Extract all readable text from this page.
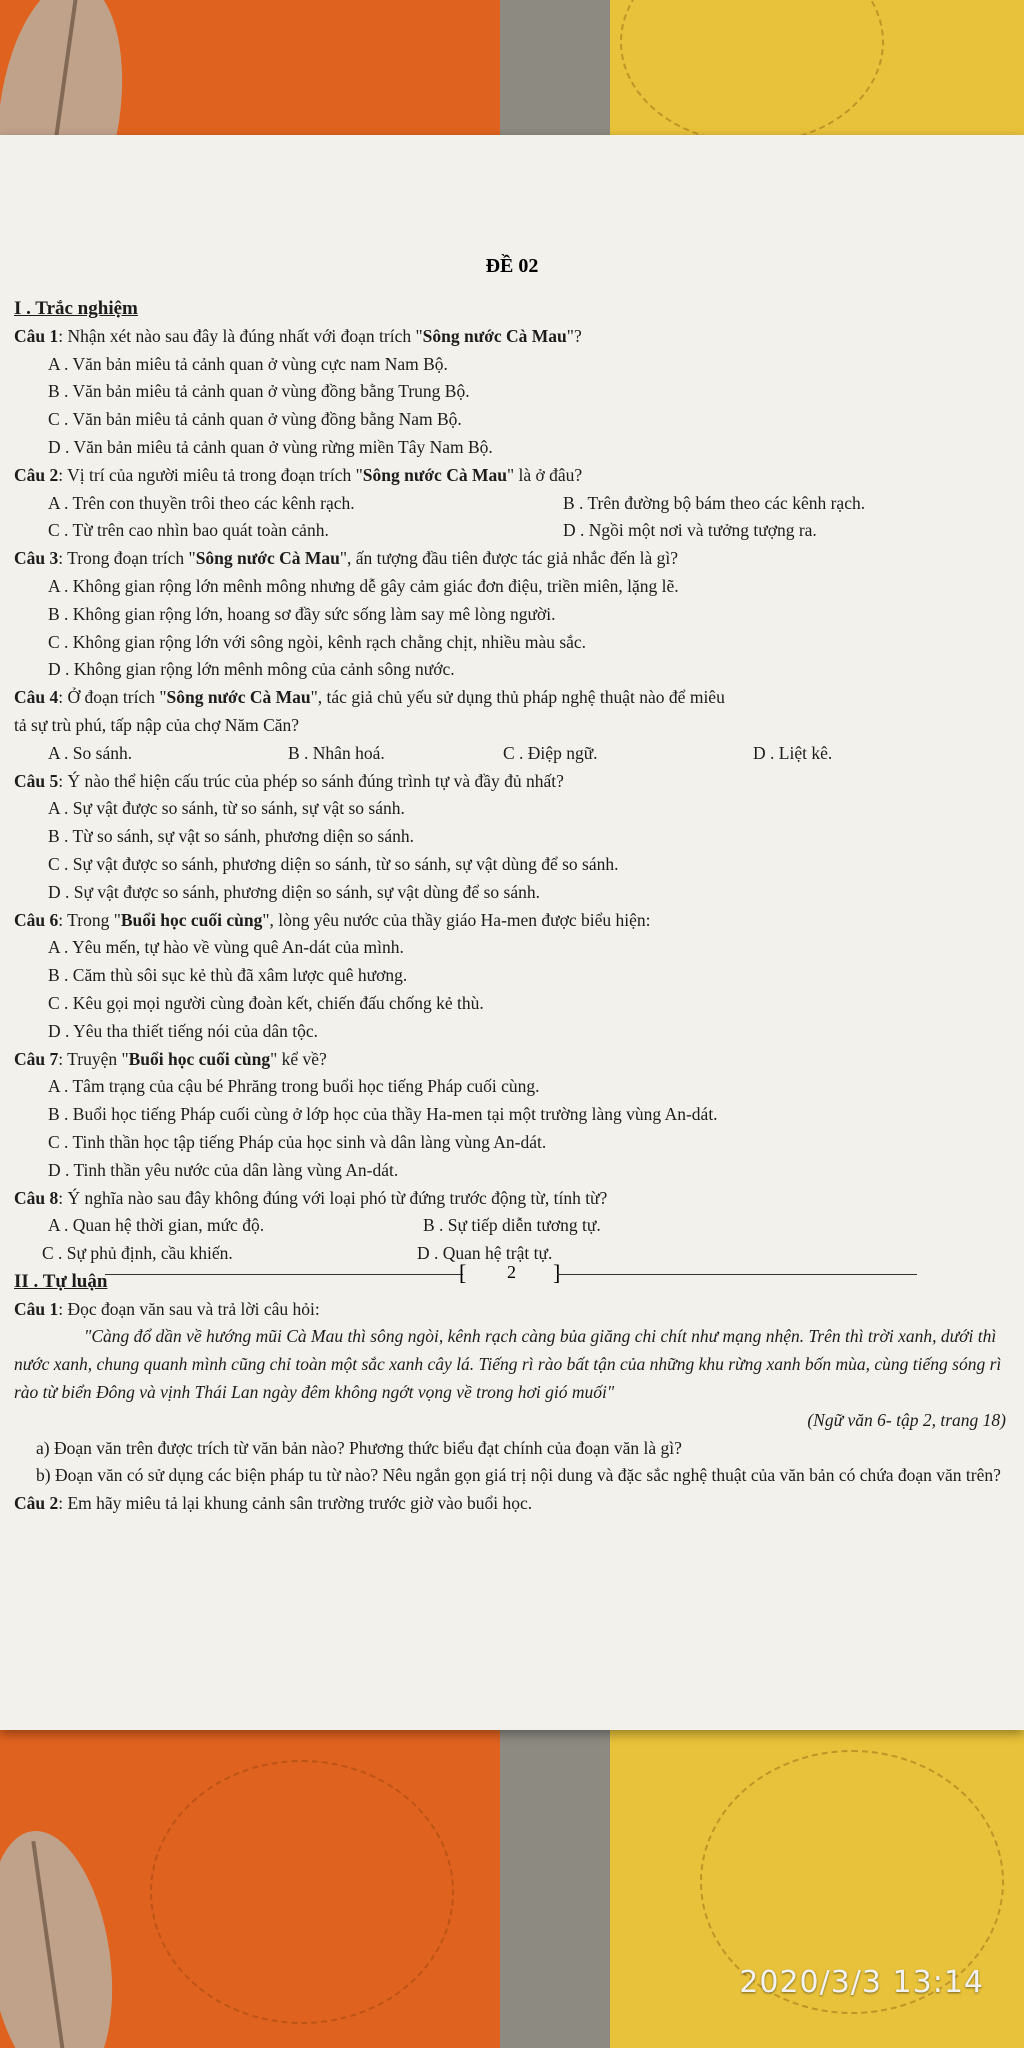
ĐỀ 02
I . Trắc nghiệm
Câu 1: Nhận xét nào sau đây là đúng nhất với đoạn trích "Sông nước Cà Mau"?
A . Văn bản miêu tả cảnh quan ở vùng cực nam Nam Bộ.
B . Văn bản miêu tả cảnh quan ở vùng đồng bằng Trung Bộ.
C . Văn bản miêu tả cảnh quan ở vùng đồng bằng Nam Bộ.
D . Văn bản miêu tả cảnh quan ở vùng rừng miền Tây Nam Bộ.
Câu 2: Vị trí của người miêu tả trong đoạn trích "Sông nước Cà Mau" là ở đâu?
A . Trên con thuyền trôi theo các kênh rạch.	B . Trên đường bộ bám theo các kênh rạch.
C . Từ trên cao nhìn bao quát toàn cảnh.	D . Ngồi một nơi và tưởng tượng ra.
Câu 3: Trong đoạn trích "Sông nước Cà Mau", ấn tượng đầu tiên được tác giả nhắc đến là gì?
A . Không gian rộng lớn mênh mông nhưng dễ gây cảm giác đơn điệu, triền miên, lặng lẽ.
B . Không gian rộng lớn, hoang sơ đầy sức sống làm say mê lòng người.
C . Không gian rộng lớn với sông ngòi, kênh rạch chằng chịt, nhiều màu sắc.
D . Không gian rộng lớn mênh mông của cảnh sông nước.
Câu 4: Ở đoạn trích "Sông nước Cà Mau", tác giả chủ yếu sử dụng thủ pháp nghệ thuật nào để miêu
tả sự trù phú, tấp nập của chợ Năm Căn?
A . So sánh.	B . Nhân hoá.	C . Điệp ngữ.	D . Liệt kê.
Câu 5: Ý nào thể hiện cấu trúc của phép so sánh đúng trình tự và đầy đủ nhất?
A . Sự vật được so sánh, từ so sánh, sự vật so sánh.
B . Từ so sánh, sự vật so sánh, phương diện so sánh.
C . Sự vật được so sánh, phương diện so sánh, từ so sánh, sự vật dùng để so sánh.
D . Sự vật được so sánh, phương diện so sánh, sự vật dùng để so sánh.
Câu 6: Trong "Buổi học cuối cùng", lòng yêu nước của thầy giáo Ha-men được biểu hiện:
A . Yêu mến, tự hào về vùng quê An-dát của mình.
B . Căm thù sôi sục kẻ thù đã xâm lược quê hương.
C . Kêu gọi mọi người cùng đoàn kết, chiến đấu chống kẻ thù.
D . Yêu tha thiết tiếng nói của dân tộc.
Câu 7: Truyện "Buổi học cuối cùng" kể về?
A . Tâm trạng của cậu bé Phrăng trong buổi học tiếng Pháp cuối cùng.
B . Buổi học tiếng Pháp cuối cùng ở lớp học của thầy Ha-men tại một trường làng vùng An-dát.
C . Tinh thần học tập tiếng Pháp của học sinh và dân làng vùng An-dát.
D . Tinh thần yêu nước của dân làng vùng An-dát.
Câu 8: Ý nghĩa nào sau đây không đúng với loại phó từ đứng trước động từ, tính từ?
A . Quan hệ thời gian, mức độ.	B . Sự tiếp diễn tương tự.
C . Sự phủ định, cầu khiến.	D . Quan hệ trật tự.
II . Tự luận
Câu 1: Đọc đoạn văn sau và trả lời câu hỏi:
"Càng đổ dần về hướng mũi Cà Mau thì sông ngòi, kênh rạch càng bủa giăng chi chít như mạng nhện. Trên thì trời xanh, dưới thì nước xanh, chung quanh mình cũng chỉ toàn một sắc xanh cây lá. Tiếng rì rào bất tận của những khu rừng xanh bốn mùa, cùng tiếng sóng rì rào từ biển Đông và vịnh Thái Lan ngày đêm không ngớt vọng về trong hơi gió muối"
(Ngữ văn 6- tập 2, trang 18)
a) Đoạn văn trên được trích từ văn bản nào? Phương thức biểu đạt chính của đoạn văn là gì?
b) Đoạn văn có sử dụng các biện pháp tu từ nào? Nêu ngắn gọn giá trị nội dung và đặc sắc nghệ thuật của văn bản có chứa đoạn văn trên?
Câu 2: Em hãy miêu tả lại khung cảnh sân trường trước giờ vào buổi học.
[ 2 ]
2020/3/3 13:14
